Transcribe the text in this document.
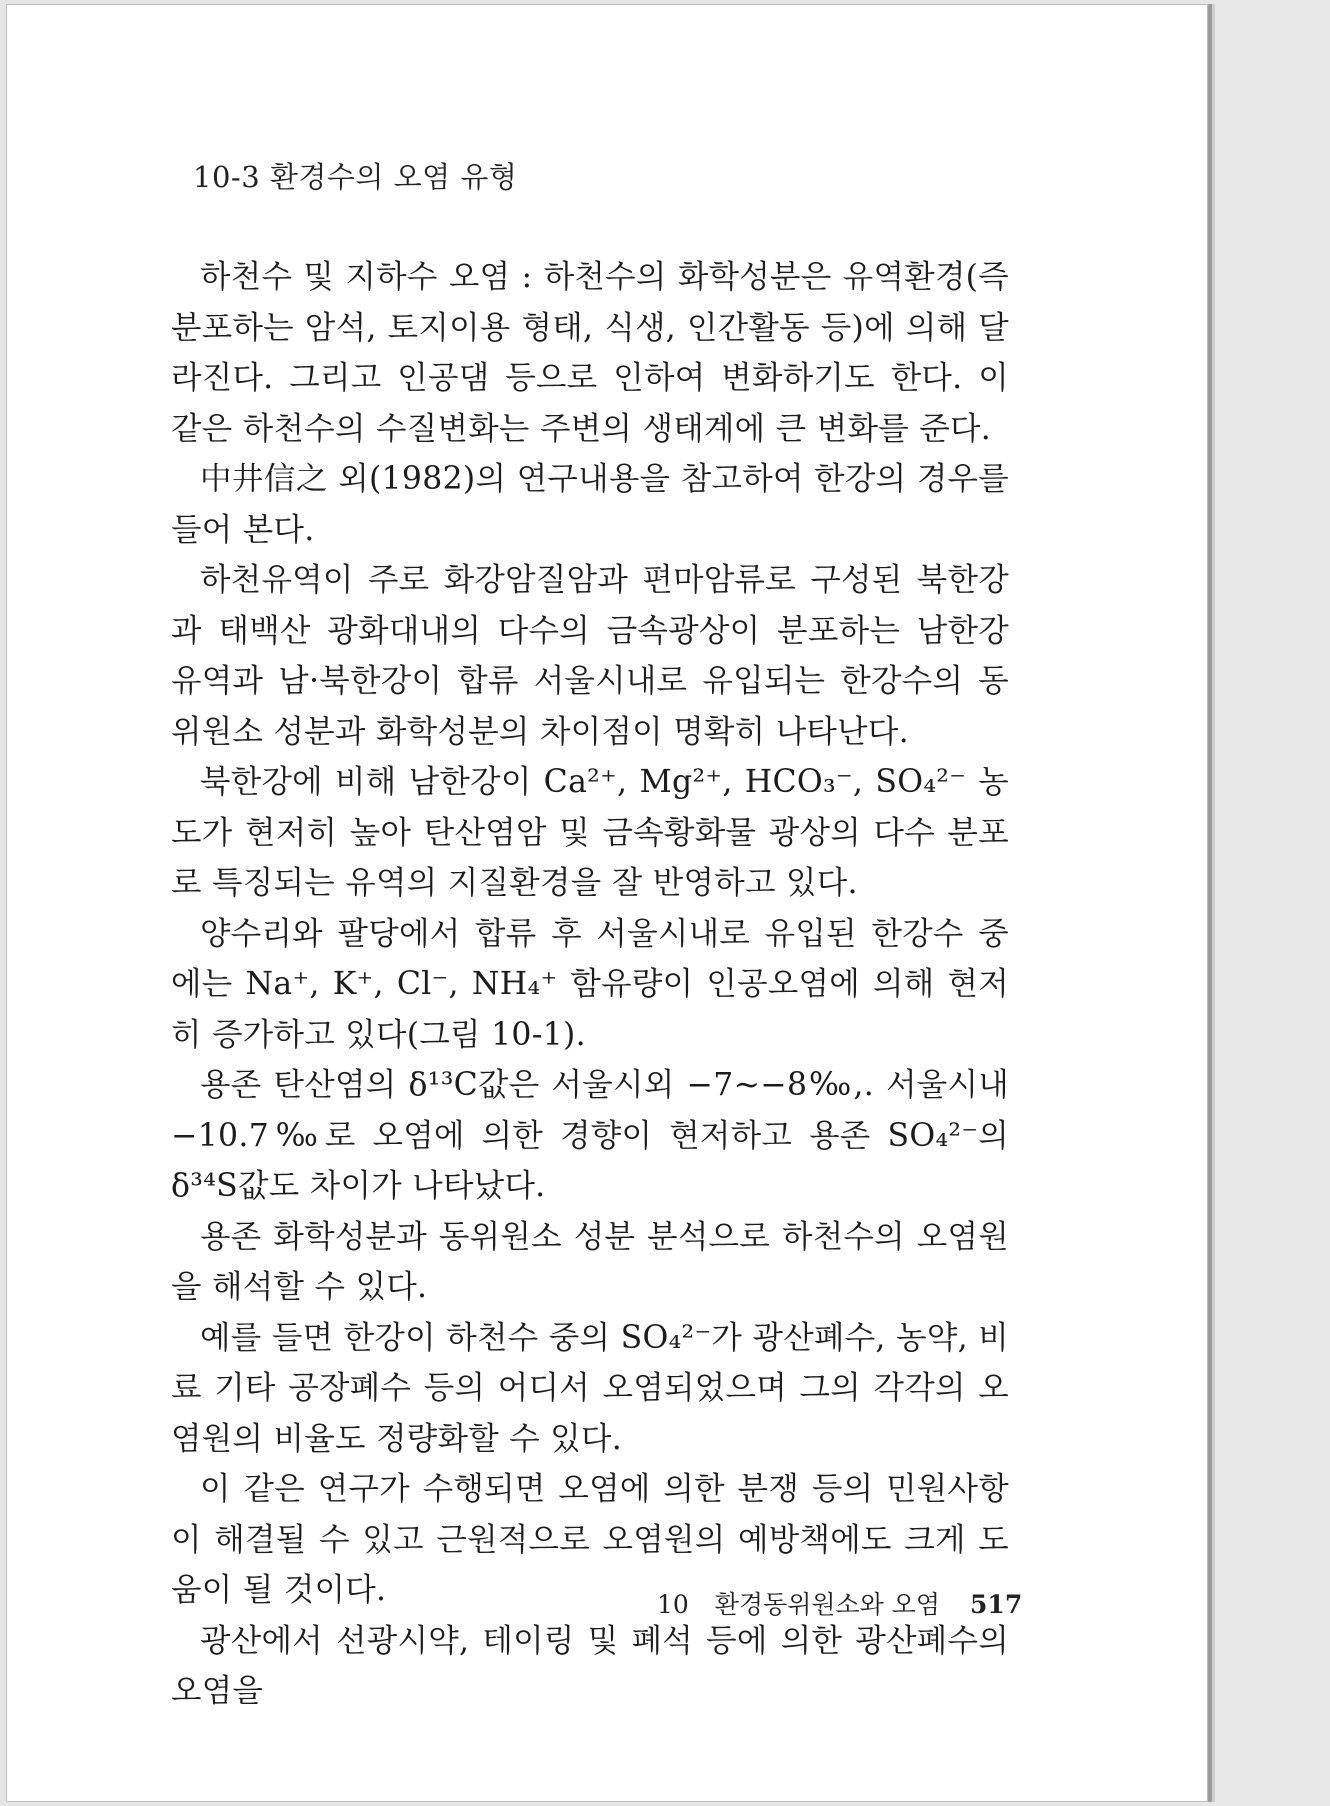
10-3 환경수의 오염 유형

하천수 및 지하수 오염 : 하천수의 화학성분은 유역환경(즉 분포하는 암석, 토지이용 형태, 식생, 인간활동 등)에 의해 달라진다. 그리고 인공댐 등으로 인하여 변화하기도 한다. 이 같은 하천수의 수질변화는 주변의 생태계에 큰 변화를 준다.

中井信之 외(1982)의 연구내용을 참고하여 한강의 경우를 들어 본다.

하천유역이 주로 화강암질암과 편마암류로 구성된 북한강과 태백산 광화대내의 다수의 금속광상이 분포하는 남한강 유역과 남·북한강이 합류 서울시내로 유입되는 한강수의 동위원소 성분과 화학성분의 차이점이 명확히 나타난다.

북한강에 비해 남한강이 Ca²⁺, Mg²⁺, HCO₃⁻, SO₄²⁻ 농도가 현저히 높아 탄산염암 및 금속황화물 광상의 다수 분포로 특징되는 유역의 지질환경을 잘 반영하고 있다.

양수리와 팔당에서 합류 후 서울시내로 유입된 한강수 중에는 Na⁺, K⁺, Cl⁻, NH₄⁺ 함유량이 인공오염에 의해 현저히 증가하고 있다(그림 10-1).

용존 탄산염의 δ¹³C값은 서울시외 −7∼−8‰,. 서울시내 −10.7‰로 오염에 의한 경향이 현저하고 용존 SO₄²⁻의 δ³⁴S값도 차이가 나타났다.

용존 화학성분과 동위원소 성분 분석으로 하천수의 오염원을 해석할 수 있다.

예를 들면 한강이 하천수 중의 SO₄²⁻가 광산폐수, 농약, 비료 기타 공장폐수 등의 어디서 오염되었으며 그의 각각의 오염원의 비율도 정량화할 수 있다.

이 같은 연구가 수행되면 오염에 의한 분쟁 등의 민원사항이 해결될 수 있고 근원적으로 오염원의 예방책에도 크게 도움이 될 것이다.

광산에서 선광시약, 테이링 및 폐석 등에 의한 광산폐수의 오염을

10 환경동위원소와 오염 517
